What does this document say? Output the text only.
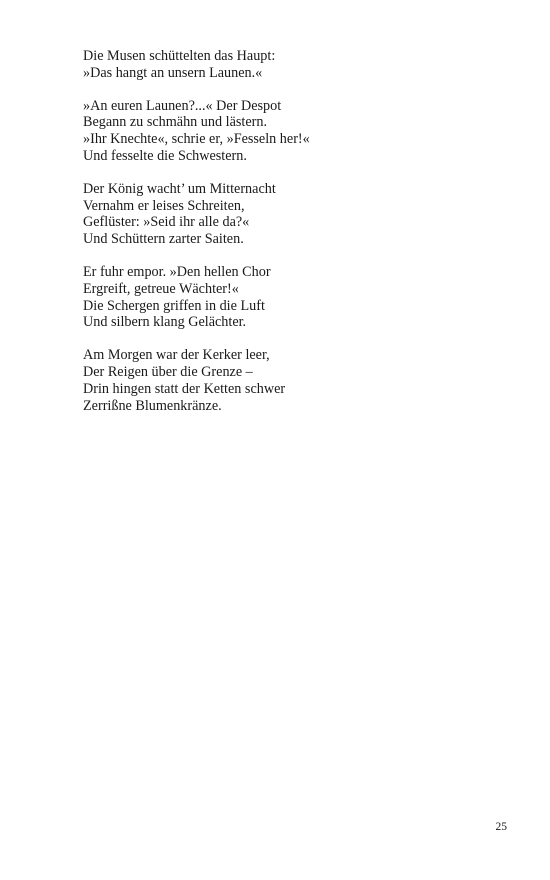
Die Musen schüttelten das Haupt:
»Das hangt an unsern Launen.«
»An euren Launen?...« Der Despot
Begann zu schmähn und lästern.
»Ihr Knechte«, schrie er, »Fesseln her!«
Und fesselte die Schwestern.
Der König wacht’ um Mitternacht
Vernahm er leises Schreiten,
Geflüster: »Seid ihr alle da?«
Und Schüttern zarter Saiten.
Er fuhr empor. »Den hellen Chor
Ergreift, getreue Wächter!«
Die Schergen griffen in die Luft
Und silbern klang Gelächter.
Am Morgen war der Kerker leer,
Der Reigen über die Grenze –
Drin hingen statt der Ketten schwer
Zerrißne Blumenkränze.
25
